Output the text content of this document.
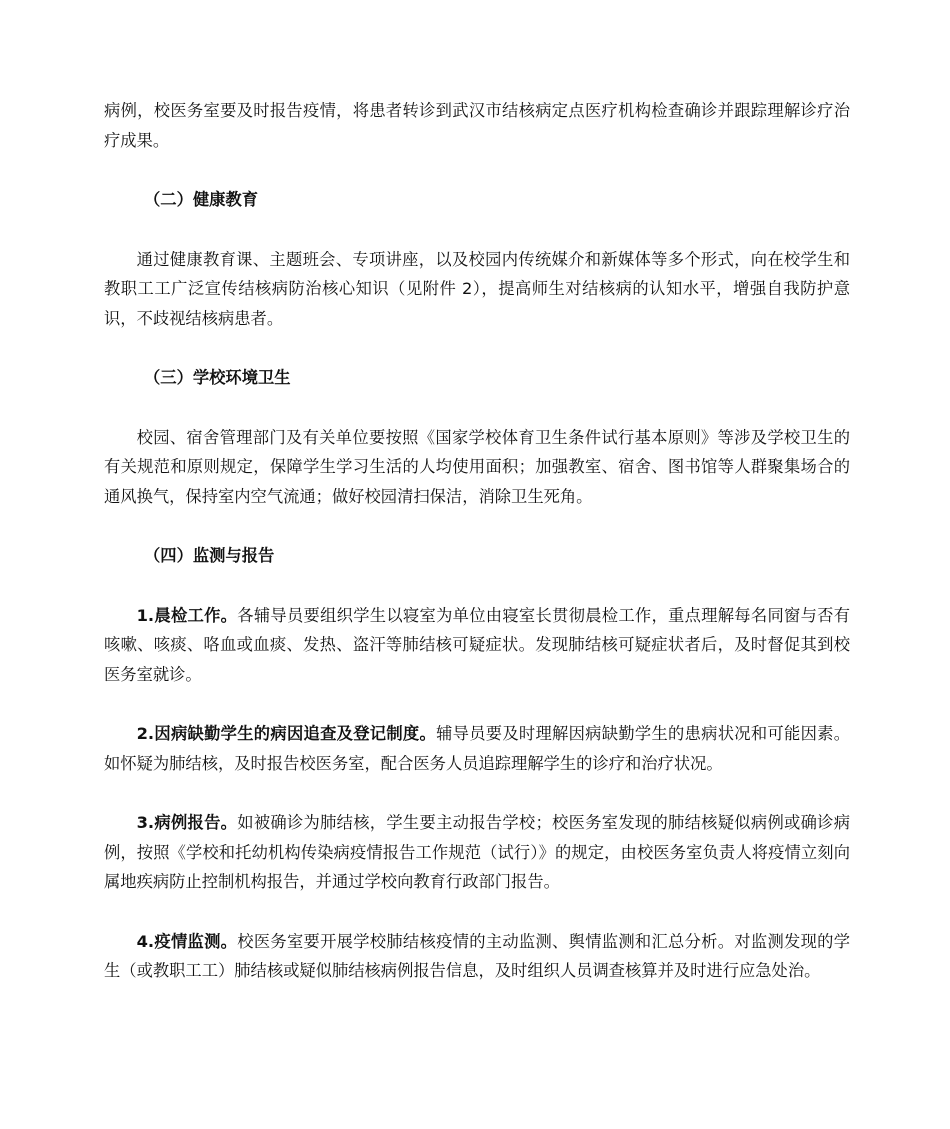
病例，校医务室要及时报告疫情，将患者转诊到武汉市结核病定点医疗机构检查确诊并跟踪理解诊疗治疗成果。

（二）健康教育

通过健康教育课、主题班会、专项讲座，以及校园内传统媒介和新媒体等多个形式，向在校学生和教职工工广泛宣传结核病防治核心知识（见附件 2），提高师生对结核病的认知水平，增强自我防护意识，不歧视结核病患者。

（三）学校环境卫生

校园、宿舍管理部门及有关单位要按照《国家学校体育卫生条件试行基本原则》等涉及学校卫生的有关规范和原则规定，保障学生学习生活的人均使用面积；加强教室、宿舍、图书馆等人群聚集场合的通风换气，保持室内空气流通；做好校园清扫保洁，消除卫生死角。

（四）监测与报告

1.晨检工作。各辅导员要组织学生以寝室为单位由寝室长贯彻晨检工作，重点理解每名同窗与否有咳嗽、咳痰、咯血或血痰、发热、盗汗等肺结核可疑症状。发现肺结核可疑症状者后，及时督促其到校医务室就诊。

2.因病缺勤学生的病因追查及登记制度。辅导员要及时理解因病缺勤学生的患病状况和可能因素。如怀疑为肺结核，及时报告校医务室，配合医务人员追踪理解学生的诊疗和治疗状况。

3.病例报告。如被确诊为肺结核，学生要主动报告学校；校医务室发现的肺结核疑似病例或确诊病例，按照《学校和托幼机构传染病疫情报告工作规范（试行）》的规定，由校医务室负责人将疫情立刻向属地疾病防止控制机构报告，并通过学校向教育行政部门报告。

4.疫情监测。校医务室要开展学校肺结核疫情的主动监测、舆情监测和汇总分析。对监测发现的学生（或教职工工）肺结核或疑似肺结核病例报告信息，及时组织人员调查核算并及时进行应急处治。
